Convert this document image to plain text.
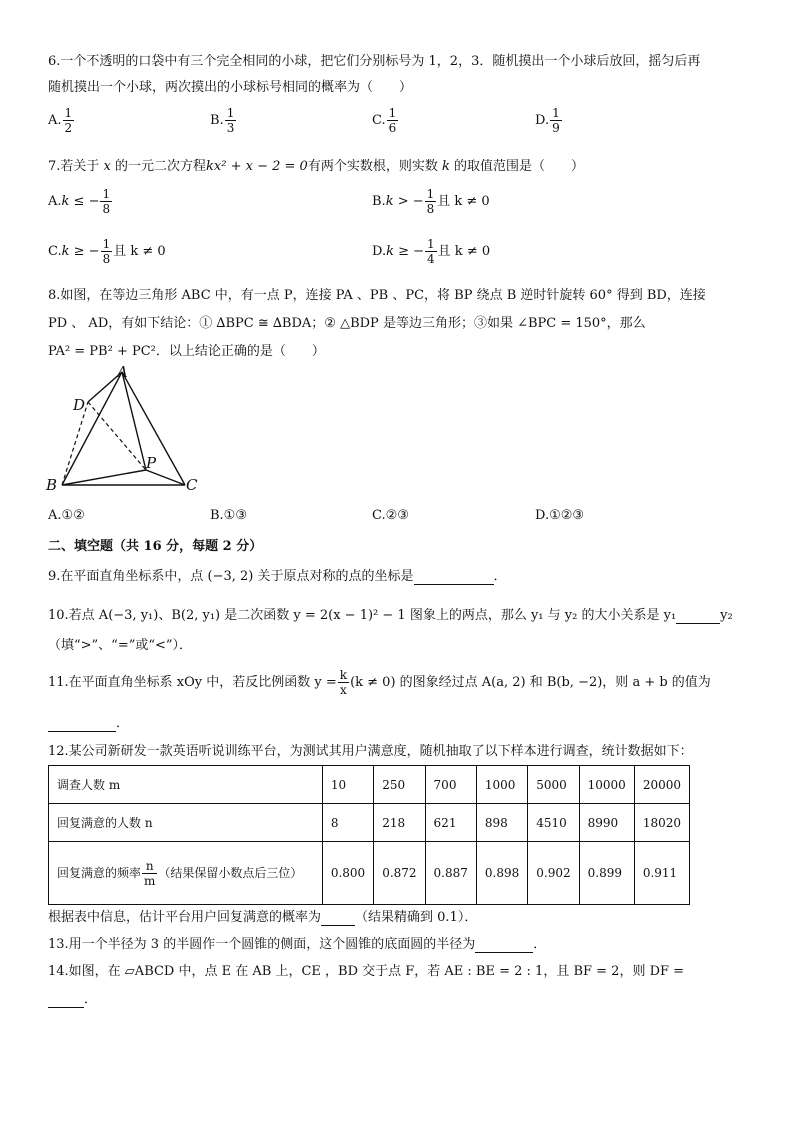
6.一个不透明的口袋中有三个完全相同的小球，把它们分别标号为 1，2，3．随机摸出一个小球后放回，摇匀后再
随机摸出一个小球，两次摸出的小球标号相同的概率为（　　）
A. $\frac{1}{2}$	B. $\frac{1}{3}$	C. $\frac{1}{6}$	D. $\frac{1}{9}$
7.若关于 x 的一元二次方程kx² + x − 2 = 0有两个实数根，则实数 k 的取值范围是（　　）
A.k ≤ − $\frac{1}{8}$	B.k > − $\frac{1}{8}$ 且 k ≠ 0
C.k ≥ − $\frac{1}{8}$ 且 k ≠ 0	D.k ≥ − $\frac{1}{4}$ 且 k ≠ 0
8.如图，在等边三角形 ABC 中，有一点 P，连接 PA 、PB 、PC，将 BP 绕点 B 逆时针旋转 60° 得到 BD，连接
PD 、 AD，有如下结论：① ∆BPC ≅ ∆BDA；② △BDP 是等边三角形；③如果 ∠BPC = 150°，那么
PA² = PB² + PC²．以上结论正确的是（　　）
A
B	C
D
P
A.①②	B.①③	C.②③	D.①②③
二、填空题（共 16 分，每题 2 分）
9.在平面直角坐标系中，点 (−3, 2) 关于原点对称的点的坐标是	．
10.若点 A(−3, y₁)、B(2, y₁) 是二次函数 y = 2(x − 1)² − 1 图象上的两点，那么 y₁ 与 y₂ 的大小关系是 y₁	y₂
（填“>”、“=”或“<”）．
11.在平面直角坐标系 xOy 中，若反比例函数 $y = \frac{k}{x} (k \ne 0)$ 的图象经过点 A(a, 2) 和 B(b, −2)，则 a + b 的值为
．
12.某公司新研发一款英语听说训练平台，为测试其用户满意度，随机抽取了以下样本进行调查，统计数据如下：
调查人数 m	10	250	700	1000	5000	10000	20000
回复满意的人数 n	8	218	621	898	4510	8990	18020
回复满意的频率 $\frac{n}{m}$ （结果保留小数点后三位）	0.800	0.872	0.887	0.898	0.902	0.899	0.911
根据表中信息，估计平台用户回复满意的概率为	（结果精确到 0.1）．
13.用一个半径为 3 的半圆作一个圆锥的侧面，这个圆锥的底面圆的半径为	．
14.如图，在 ▱ABCD 中，点 E 在 AB 上，CE ，BD 交于点 F，若 AE : BE = 2 : 1，且 BF = 2，则 DF =
．
